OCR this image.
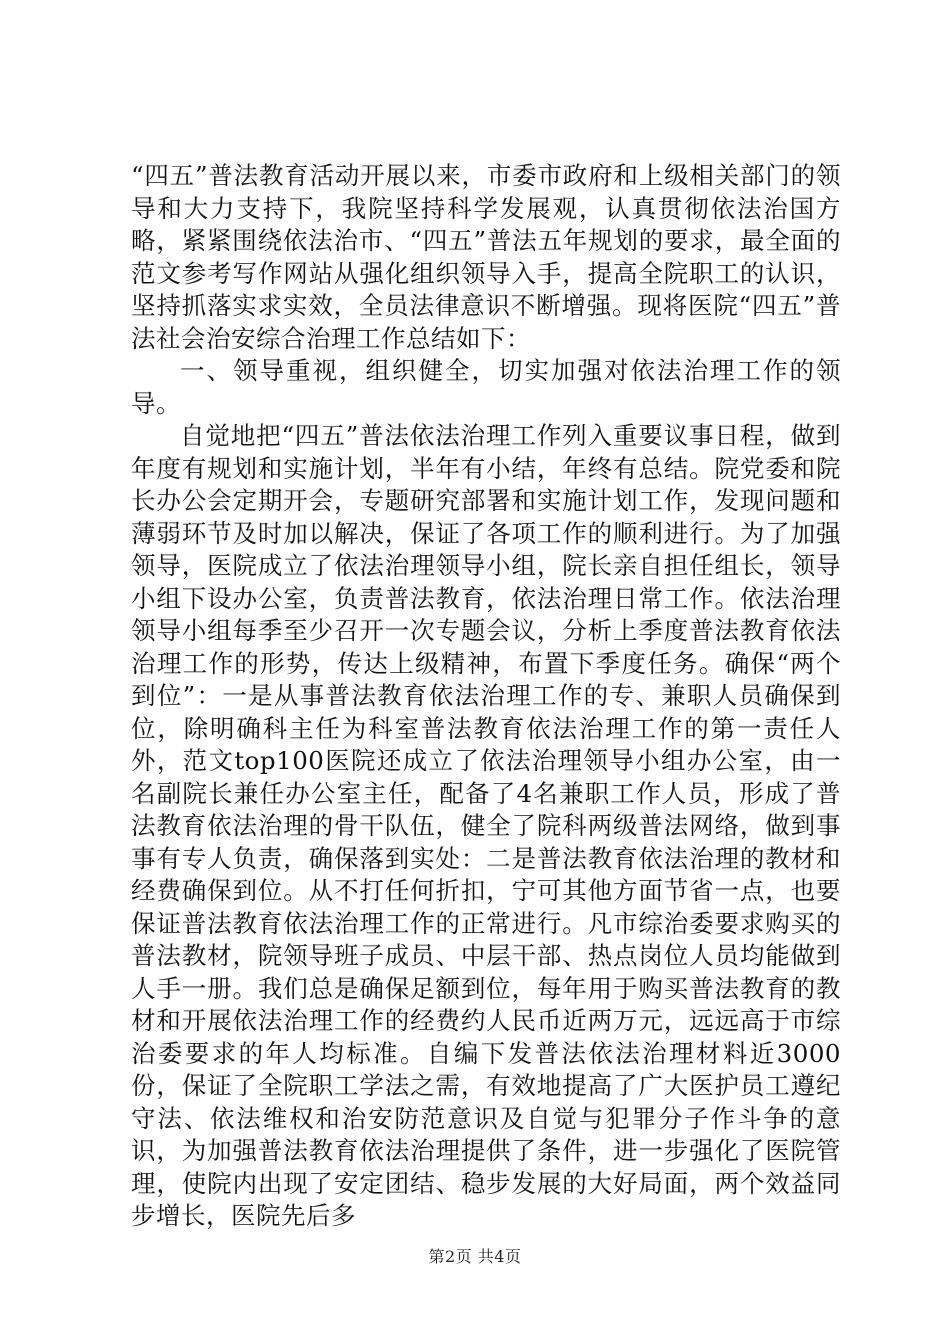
“四五”普法教育活动开展以来，市委市政府和上级相关部门的领导和大力支持下，我院坚持科学发展观，认真贯彻依法治国方略，紧紧围绕依法治市、“四五”普法五年规划的要求，最全面的范文参考写作网站从强化组织领导入手，提高全院职工的认识，坚持抓落实求实效，全员法律意识不断增强。现将医院“四五”普法社会治安综合治理工作总结如下：

一、领导重视，组织健全，切实加强对依法治理工作的领导。

自觉地把“四五”普法依法治理工作列入重要议事日程，做到年度有规划和实施计划，半年有小结，年终有总结。院党委和院长办公会定期开会，专题研究部署和实施计划工作，发现问题和薄弱环节及时加以解决，保证了各项工作的顺利进行。为了加强领导，医院成立了依法治理领导小组，院长亲自担任组长，领导小组下设办公室，负责普法教育，依法治理日常工作。依法治理领导小组每季至少召开一次专题会议，分析上季度普法教育依法治理工作的形势，传达上级精神，布置下季度任务。确保“两个到位”：一是从事普法教育依法治理工作的专、兼职人员确保到位，除明确科主任为科室普法教育依法治理工作的第一责任人外，范文top100医院还成立了依法治理领导小组办公室，由一名副院长兼任办公室主任，配备了4名兼职工作人员，形成了普法教育依法治理的骨干队伍，健全了院科两级普法网络，做到事事有专人负责，确保落到实处：二是普法教育依法治理的教材和经费确保到位。从不打任何折扣，宁可其他方面节省一点，也要保证普法教育依法治理工作的正常进行。凡市综治委要求购买的普法教材，院领导班子成员、中层干部、热点岗位人员均能做到人手一册。我们总是确保足额到位，每年用于购买普法教育的教材和开展依法治理工作的经费约人民币近两万元，远远高于市综治委要求的年人均标准。自编下发普法依法治理材料近3000份，保证了全院职工学法之需，有效地提高了广大医护员工遵纪守法、依法维权和治安防范意识及自觉与犯罪分子作斗争的意识，为加强普法教育依法治理提供了条件，进一步强化了医院管理，使院内出现了安定团结、稳步发展的大好局面，两个效益同步增长，医院先后多

第2页 共4页
